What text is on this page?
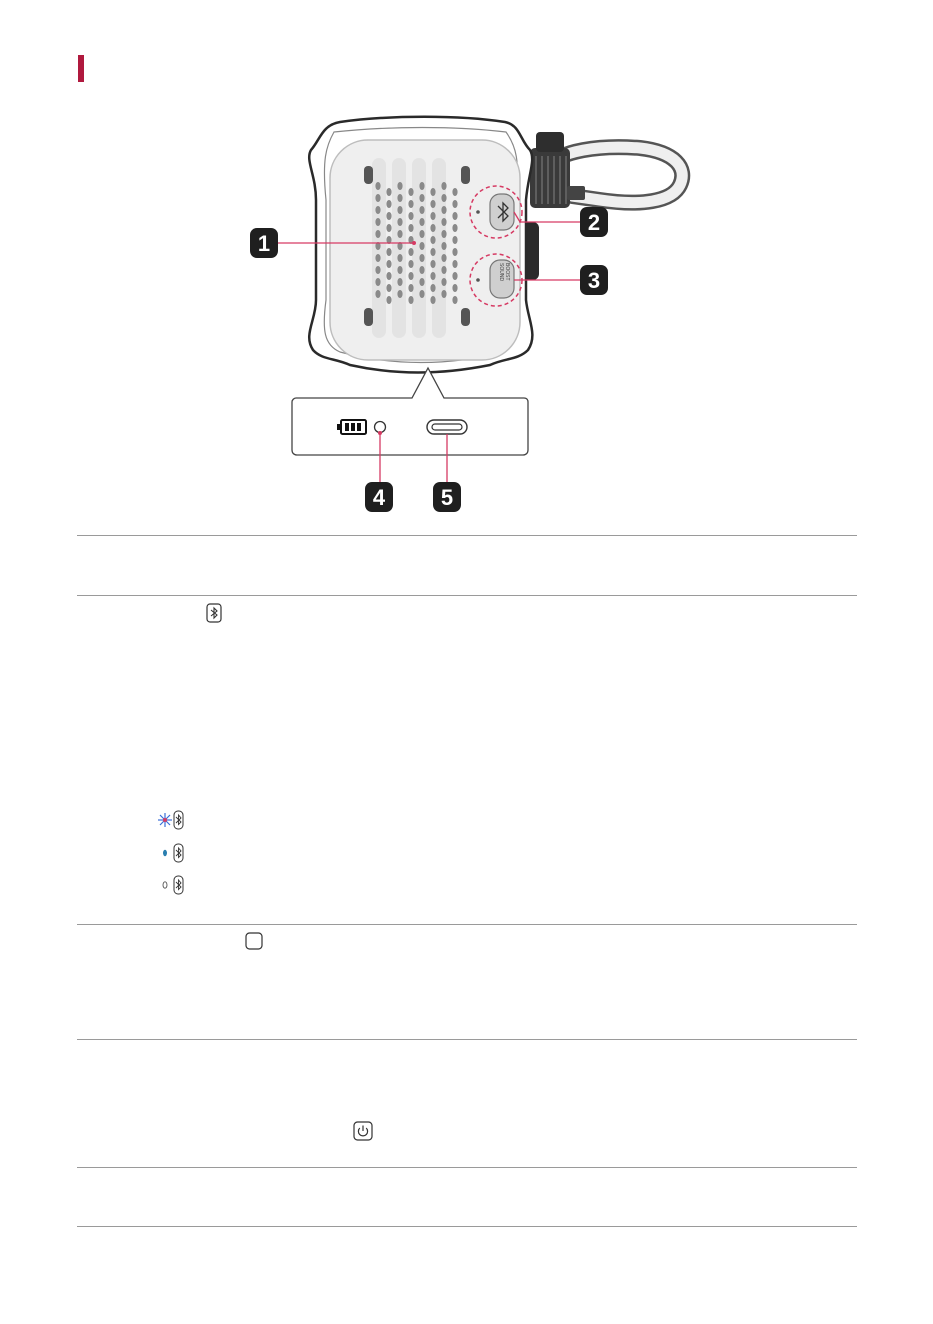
SOUND BOOST
1
2
3
4	5
